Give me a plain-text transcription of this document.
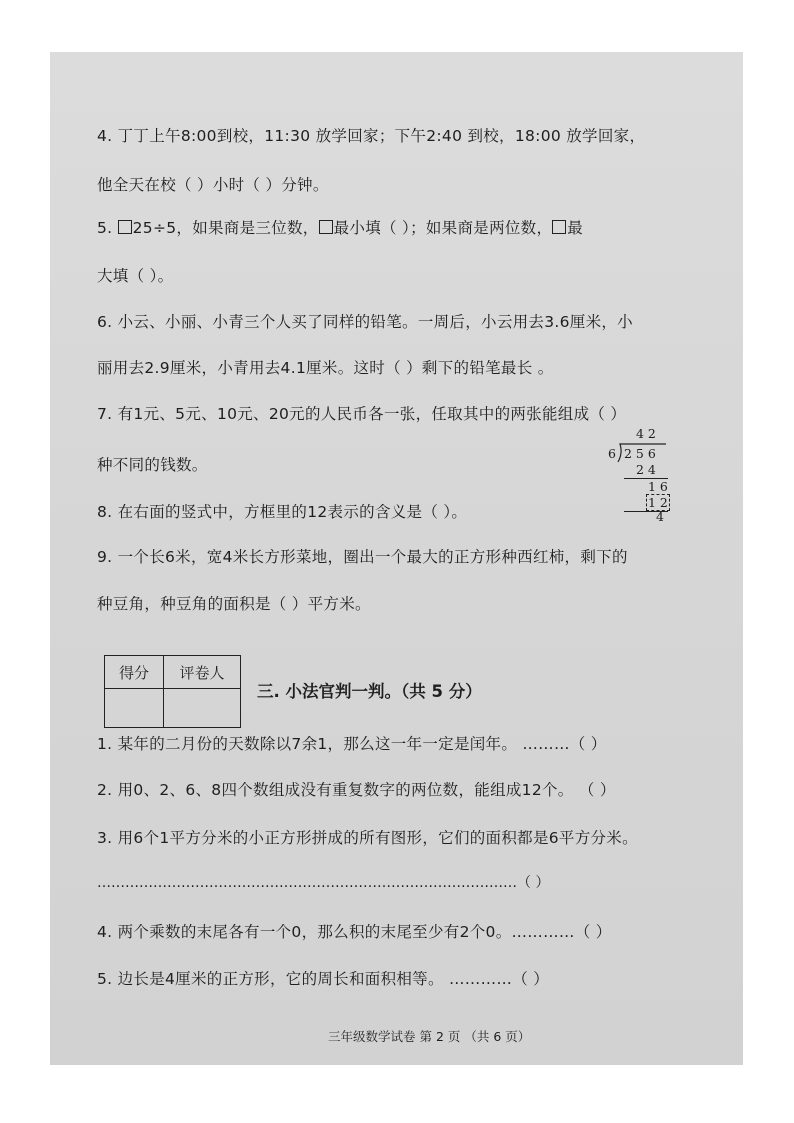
4. 丁丁上午8:00到校，11:30 放学回家；下午2:40 到校，18:00 放学回家，
他全天在校（ ）小时（ ）分钟。
5. 25÷5，如果商是三位数， 最小填（ ）；如果商是两位数， 最
大填（ ）。
6. 小云、小丽、小青三个人买了同样的铅笔。一周后，小云用去3.6厘米，小
丽用去2.9厘米，小青用去4.1厘米。这时（ ）剩下的铅笔最长 。
7. 有1元、5元、10元、20元的人民币各一张，任取其中的两张能组成（ ）
种不同的钱数。
4 2
6 2 5 6
2 4
1 6
1 2
4
8. 在右面的竖式中，方框里的12表示的含义是（ ）。
9. 一个长6米，宽4米长方形菜地，圈出一个最大的正方形种西红柿，剩下的
种豆角，种豆角的面积是（ ）平方米。
得分	评卷人

三. 小法官判一判。（共 5 分）
1. 某年的二月份的天数除以7余1，那么这一年一定是闰年。 ………（ ）
2. 用0、2、6、8四个数组成没有重复数字的两位数，能组成12个。 （ ）
3. 用6个1平方分米的小正方形拼成的所有图形，它们的面积都是6平方分米。
………………………………………………………………………………（ ）
4. 两个乘数的末尾各有一个0，那么积的末尾至少有2个0。…………（ ）
5. 边长是4厘米的正方形，它的周长和面积相等。 …………（ ）
三年级数学试卷 第 2 页 （共 6 页）
